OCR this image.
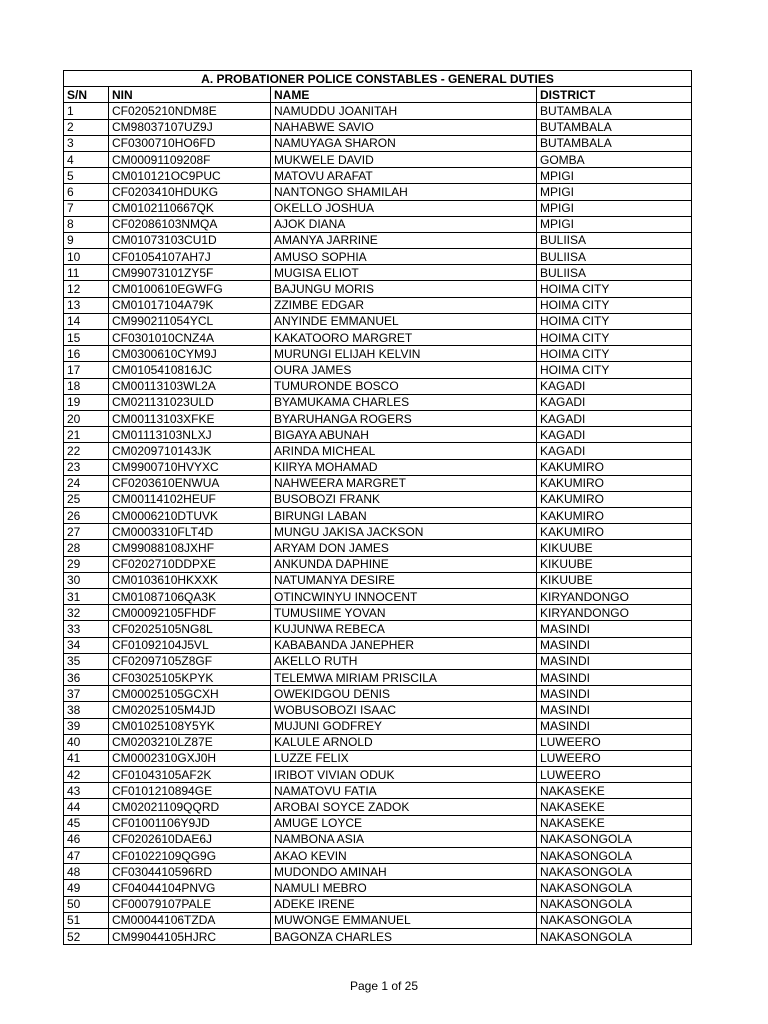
A. PROBATIONER POLICE CONSTABLES - GENERAL DUTIES			
S/N	NIN	NAME	DISTRICT
1	CF0205210NDM8E	NAMUDDU JOANITAH	BUTAMBALA
2	CM98037107UZ9J	NAHABWE SAVIO	BUTAMBALA
3	CF0300710HO6FD	NAMUYAGA SHARON	BUTAMBALA
4	CM00091109208F	MUKWELE DAVID	GOMBA
5	CM010121OC9PUC	MATOVU ARAFAT	MPIGI
6	CF0203410HDUKG	NANTONGO SHAMILAH	MPIGI
7	CM0102110667QK	OKELLO JOSHUA	MPIGI
8	CF02086103NMQA	AJOK DIANA	MPIGI
9	CM01073103CU1D	AMANYA JARRINE	BULIISA
10	CF01054107AH7J	AMUSO SOPHIA	BULIISA
11	CM99073101ZY5F	MUGISA ELIOT	BULIISA
12	CM0100610EGWFG	BAJUNGU MORIS	HOIMA CITY
13	CM01017104A79K	ZZIMBE EDGAR	HOIMA CITY
14	CM990211054YCL	ANYINDE EMMANUEL	HOIMA CITY
15	CF0301010CNZ4A	KAKATOORO MARGRET	HOIMA CITY
16	CM0300610CYM9J	MURUNGI ELIJAH KELVIN	HOIMA CITY
17	CM0105410816JC	OURA JAMES	HOIMA CITY
18	CM00113103WL2A	TUMURONDE BOSCO	KAGADI
19	CM021131023ULD	BYAMUKAMA CHARLES	KAGADI
20	CM00113103XFKE	BYARUHANGA ROGERS	KAGADI
21	CM01113103NLXJ	BIGAYA ABUNAH	KAGADI
22	CM0209710143JK	ARINDA MICHEAL	KAGADI
23	CM9900710HVYXC	KIIRYA MOHAMAD	KAKUMIRO
24	CF0203610ENWUA	NAHWEERA MARGRET	KAKUMIRO
25	CM00114102HEUF	BUSOBOZI FRANK	KAKUMIRO
26	CM0006210DTUVK	BIRUNGI LABAN	KAKUMIRO
27	CM0003310FLT4D	MUNGU JAKISA JACKSON	KAKUMIRO
28	CM99088108JXHF	ARYAM DON JAMES	KIKUUBE
29	CF0202710DDPXE	ANKUNDA DAPHINE	KIKUUBE
30	CM0103610HKXXK	NATUMANYA DESIRE	KIKUUBE
31	CM01087106QA3K	OTINCWINYU INNOCENT	KIRYANDONGO
32	CM00092105FHDF	TUMUSIIME YOVAN	KIRYANDONGO
33	CF02025105NG8L	KUJUNWA REBECA	MASINDI
34	CF01092104J5VL	KABABANDA JANEPHER	MASINDI
35	CF02097105Z8GF	AKELLO RUTH	MASINDI
36	CF03025105KPYK	TELEMWA MIRIAM PRISCILA	MASINDI
37	CM00025105GCXH	OWEKIDGOU DENIS	MASINDI
38	CM02025105M4JD	WOBUSOBOZI ISAAC	MASINDI
39	CM01025108Y5YK	MUJUNI GODFREY	MASINDI
40	CM0203210LZ87E	KALULE ARNOLD	LUWEERO
41	CM0002310GXJ0H	LUZZE FELIX	LUWEERO
42	CF01043105AF2K	IRIBOT VIVIAN ODUK	LUWEERO
43	CF0101210894GE	NAMATOVU FATIA	NAKASEKE
44	CM02021109QQRD	AROBAI SOYCE ZADOK	NAKASEKE
45	CF01001106Y9JD	AMUGE LOYCE	NAKASEKE
46	CF0202610DAE6J	NAMBONA ASIA	NAKASONGOLA
47	CF01022109QG9G	AKAO KEVIN	NAKASONGOLA
48	CF0304410596RD	MUDONDO AMINAH	NAKASONGOLA
49	CF04044104PNVG	NAMULI MEBRO	NAKASONGOLA
50	CF00079107PALE	ADEKE IRENE	NAKASONGOLA
51	CM00044106TZDA	MUWONGE EMMANUEL	NAKASONGOLA
52	CM99044105HJRC	BAGONZA CHARLES	NAKASONGOLA
Page 1 of 25
